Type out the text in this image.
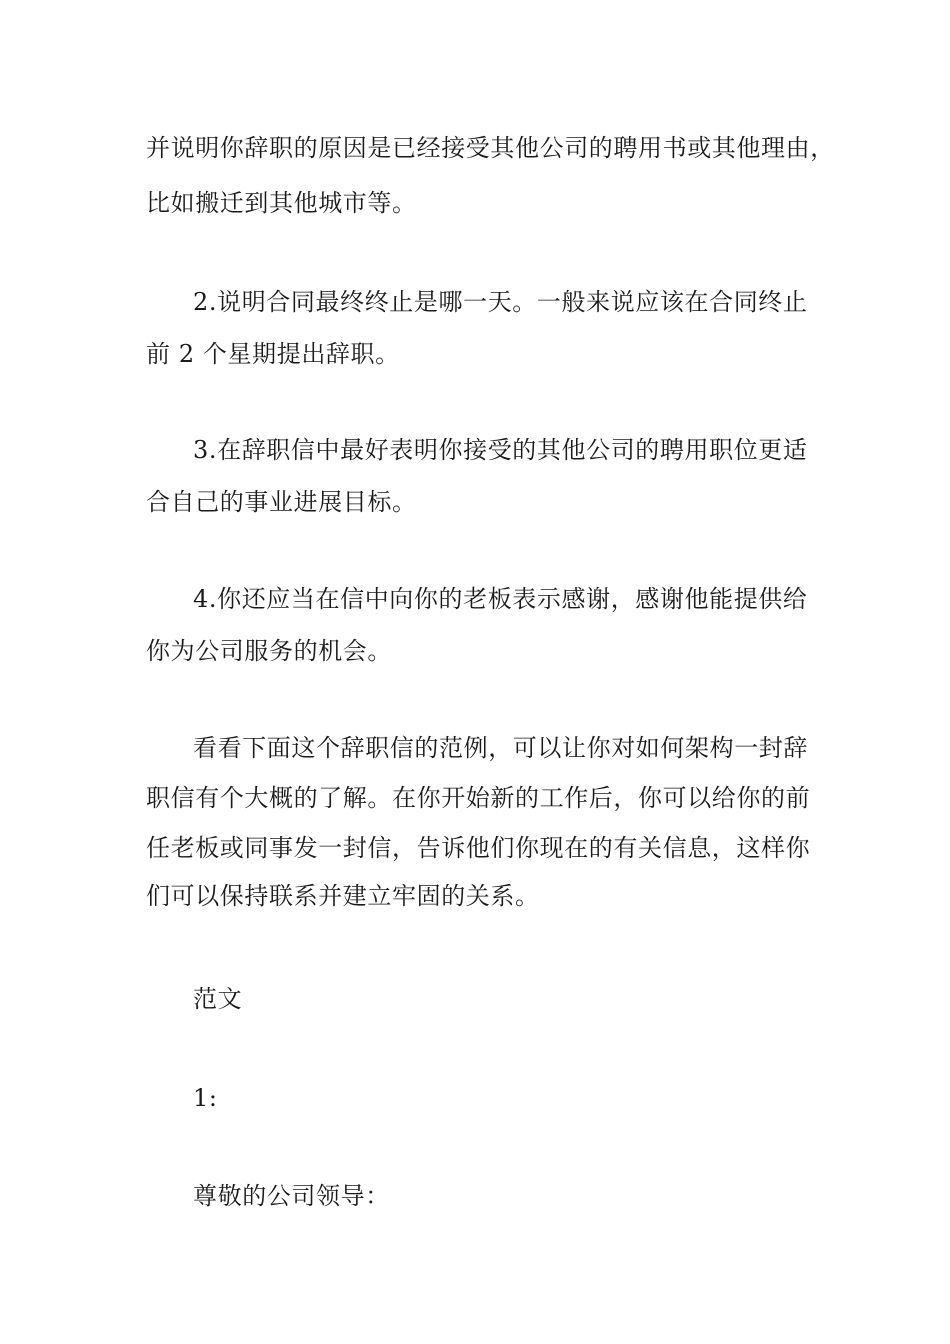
并说明你辞职的原因是已经接受其他公司的聘用书或其他理由，
比如搬迁到其他城市等。
2.说明合同最终终止是哪一天。一般来说应该在合同终止
前 2 个星期提出辞职。
3.在辞职信中最好表明你接受的其他公司的聘用职位更适
合自己的事业进展目标。
4.你还应当在信中向你的老板表示感谢，感谢他能提供给
你为公司服务的机会。
看看下面这个辞职信的范例，可以让你对如何架构一封辞
职信有个大概的了解。在你开始新的工作后，你可以给你的前
任老板或同事发一封信，告诉他们你现在的有关信息，这样你
们可以保持联系并建立牢固的关系。
范文
1:
尊敬的公司领导：
